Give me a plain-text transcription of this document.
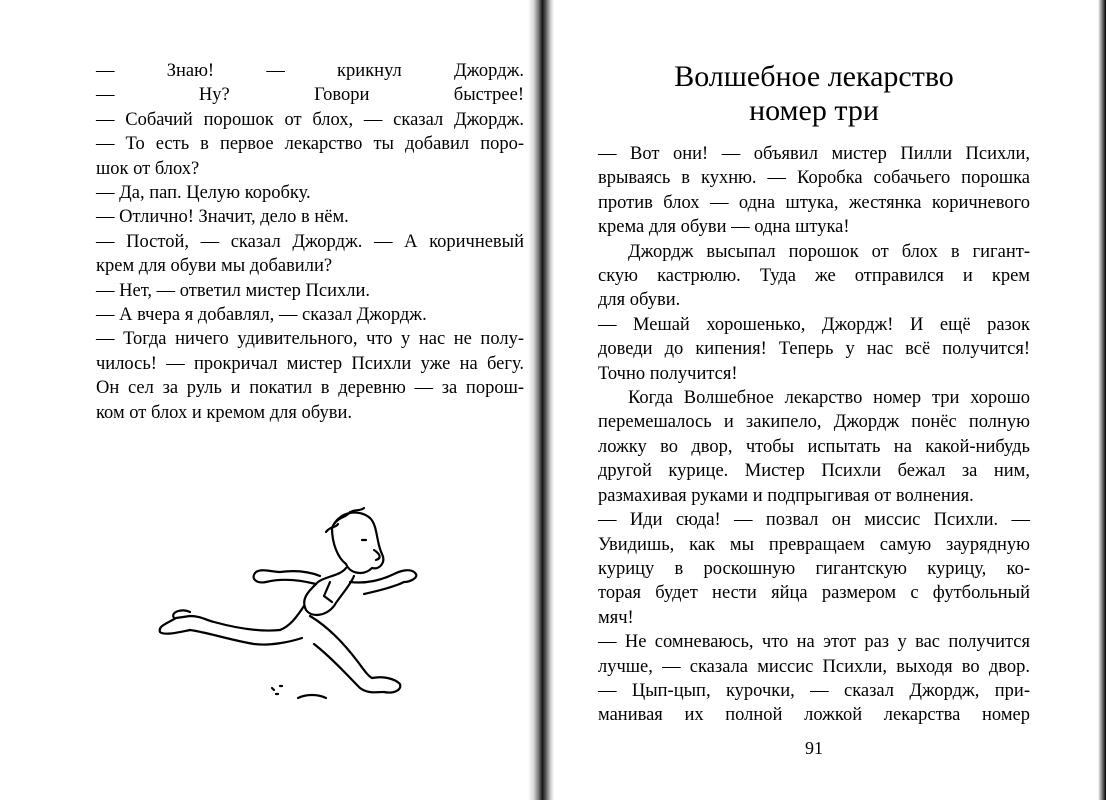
— Знаю! — крикнул Джордж.
— Ну? Говори быстрее!
— Собачий порошок от блох, — сказал Джордж.
— То есть в первое лекарство ты добавил поро-
шок от блох?
— Да, пап. Целую коробку.
— Отлично! Значит, дело в нём.
— Постой, — сказал Джордж. — А коричневый
крем для обуви мы добавили?
— Нет, — ответил мистер Психли.
— А вчера я добавлял, — сказал Джордж.
— Тогда ничего удивительного, что у нас не полу-
чилось! — прокричал мистер Психли уже на бегу.
Он сел за руль и покатил в деревню — за порош-
ком от блох и кремом для обуви.
Волшебное лекарство
номер три
— Вот они! — объявил мистер Пилли Психли,
врываясь в кухню. — Коробка собачьего порошка
против блох — одна штука, жестянка коричневого
крема для обуви — одна штука!
Джордж высыпал порошок от блох в гигант-
скую кастрюлю. Туда же отправился и крем
для обуви.
— Мешай хорошенько, Джордж! И ещё разок
доведи до кипения! Теперь у нас всё получится!
Точно получится!
Когда Волшебное лекарство номер три хорошо
перемешалось и закипело, Джордж понёс полную
ложку во двор, чтобы испытать на какой-нибудь
другой курице. Мистер Психли бежал за ним,
размахивая руками и подпрыгивая от волнения.
— Иди сюда! — позвал он миссис Психли. —
Увидишь, как мы превращаем самую заурядную
курицу в роскошную гигантскую курицу, ко-
торая будет нести яйца размером с футбольный
мяч!
— Не сомневаюсь, что на этот раз у вас получится
лучше, — сказала миссис Психли, выходя во двор.
— Цып-цып, курочки, — сказал Джордж, при-
манивая их полной ложкой лекарства номер
91
